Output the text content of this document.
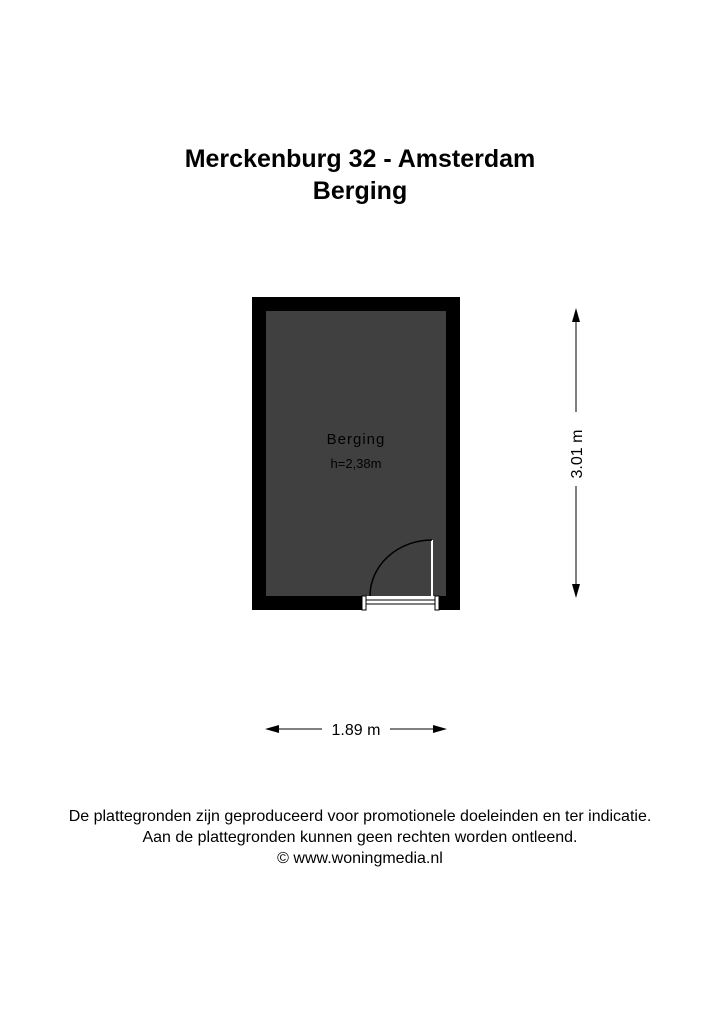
Merckenburg 32 - Amsterdam
Berging
Berging
h=2,38m	3.01 m
1.89 m
De plattegronden zijn geproduceerd voor promotionele doeleinden en ter indicatie.
Aan de plattegronden kunnen geen rechten worden ontleend.
© www.woningmedia.nl
